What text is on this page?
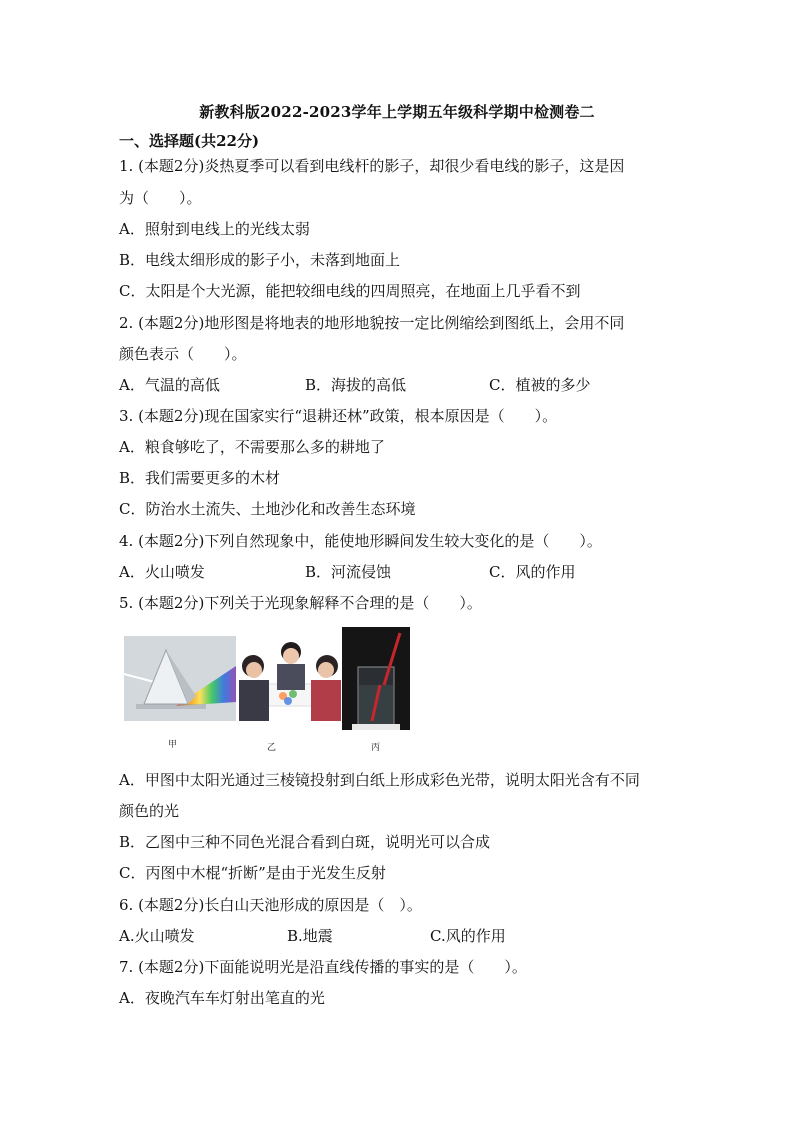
新教科版2022-2023学年上学期五年级科学期中检测卷二
一、选择题(共22分)
1. (本题2分)炎热夏季可以看到电线杆的影子，却很少看电线的影子，这是因
为（　　）。
A．照射到电线上的光线太弱
B．电线太细形成的影子小，未落到地面上
C．太阳是个大光源，能把较细电线的四周照亮，在地面上几乎看不到
2. (本题2分)地形图是将地表的地形地貌按一定比例缩绘到图纸上，会用不同
颜色表示（　　）。
A．气温的高低	B．海拔的高低	C．植被的多少
3. (本题2分)现在国家实行“退耕还林”政策，根本原因是（　　）。
A．粮食够吃了，不需要那么多的耕地了
B．我们需要更多的木材
C．防治水土流失、土地沙化和改善生态环境
4. (本题2分)下列自然现象中，能使地形瞬间发生较大变化的是（　　）。
A．火山喷发	B．河流侵蚀	C．风的作用
5. (本题2分)下列关于光现象解释不合理的是（　　）。
甲	乙	丙
A．甲图中太阳光通过三棱镜投射到白纸上形成彩色光带，说明太阳光含有不同
颜色的光
B．乙图中三种不同色光混合看到白斑，说明光可以合成
C．丙图中木棍“折断”是由于光发生反射
6. (本题2分)长白山天池形成的原因是（　）。
A.火山喷发	B.地震	C.风的作用
7. (本题2分)下面能说明光是沿直线传播的事实的是（　　）。
A．夜晚汽车车灯射出笔直的光
